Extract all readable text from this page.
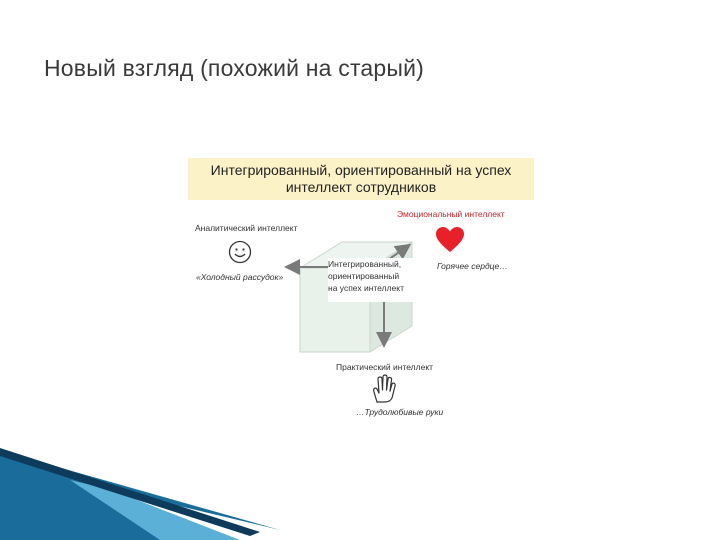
Новый взгляд (похожий на старый)
Интегрированный, ориентированный на успех
интеллект сотрудников
Аналитический интеллект
«Холодный рассудок»
Эмоциональный интеллект
Горячее сердце…
Интегрированный,
ориентированный
на успех интеллект
Практический интеллект
…Трудолюбивые руки
